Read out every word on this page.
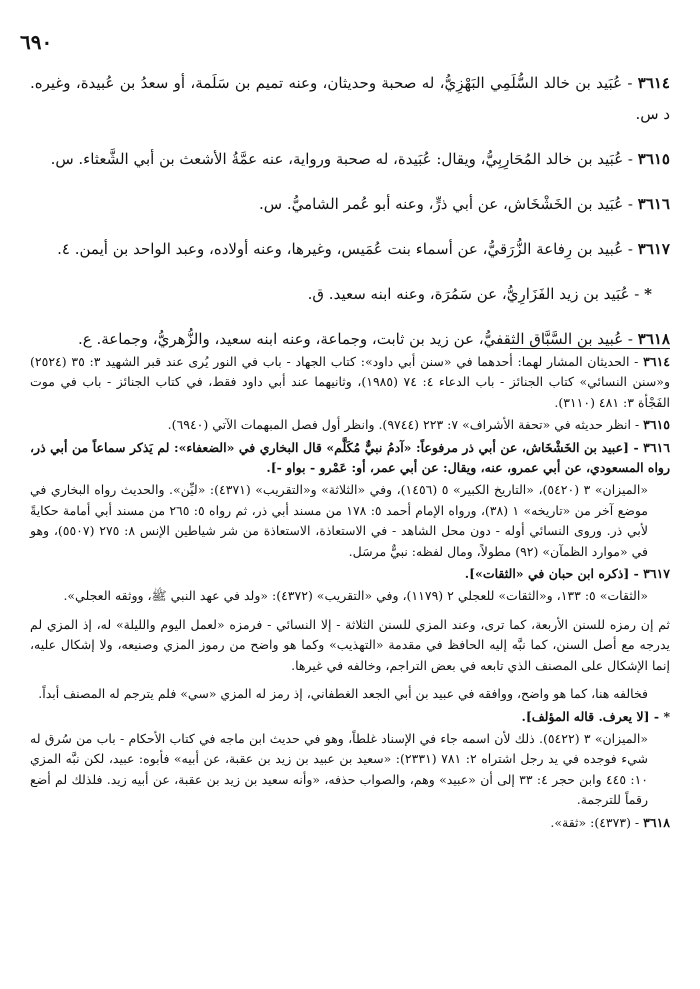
٦٩٠

٣٦١٤ - عُبَيد بن خالد السُّلَمِي البَهْزِيُّ، له صحبة وحديثان، وعنه تميم بن سَلَمة، أو سعدُ بن عُبيدة، وغيره. د س.

٣٦١٥ - عُبَيد بن خالد المُحَارِبِيُّ، ويقال: عُبَيدة، له صحبة ورواية، عنه عمَّةُ الأشعث بن أبي الشَّعثاء. س.

٣٦١٦ - عُبَيد بن الخَشْخَاش، عن أبي ذرٍّ، وعنه أبو عُمر الشاميُّ. س.

٣٦١٧ - عُبيد بن رِفاعة الزُّرَقيُّ، عن أسماء بنت عُمَيس، وغيرها، وعنه أولاده، وعبد الواحد بن أيمن. ٤.

* - عُبَيد بن زيد الفَزَارِيُّ، عن سَمُرَة، وعنه ابنه سعيد. ق.

٣٦١٨ - عُبيد بن السَّبَّاق الثقفيُّ، عن زيد بن ثابت، وجماعة، وعنه ابنه سعيد، والزُّهريُّ، وجماعة. ع.

٣٦١٤ - الحديثان المشار لهما: أحدهما في «سنن أبي داود»: كتاب الجهاد - باب في النور يُرى عند قبر الشهيد ٣: ٣٥ (٢٥٢٤) و«سنن النسائي» كتاب الجنائز - باب الدعاء ٤: ٧٤ (١٩٨٥)، وثانيهما عند أبي داود فقط، في كتاب الجنائز - باب في موت الفَجْأة ٣: ٤٨١ (٣١١٠).

٣٦١٥ - انظر حديثه في «تحفة الأشراف» ٧: ٢٢٣ (٩٧٤٤). وانظر أول فصل المبهمات الآتي (٦٩٤٠).

٣٦١٦ - [عبيد بن الخَشْخَاش، عن أبي ذر مرفوعاً: «آدمُ نبيٌّ مُكَلَّم» قال البخاري في «الضعفاء»: لم يَذكر سماعاً من أبي ذر، رواه المسعودي، عن أبي عمرو، عنه، ويقال: عن أبي عمر، أو: عَمْرو - بواو -].

«الميزان» ٣ (٥٤٢٠)، «التاريخ الكبير» ٥ (١٤٥٦)، وفي «الثلاثة» و«التقريب» (٤٣٧١): «ليِّن». والحديث رواه البخاري في موضع آخر من «تاريخه» ١ (٣٨)، ورواه الإمام أحمد ٥: ١٧٨ من مسند أبي ذر، ثم رواه ٥: ٢٦٥ من مسند أبي أمامة حكايةً لأبي ذر. وروى النسائي أوله - دون محل الشاهد - في الاستعاذة، الاستعاذة من شر شياطين الإنس ٨: ٢٧٥ (٥٥٠٧)، وهو في «موارد الظمآن» (٩٢) مطولاً، ومال لفظه: نبيٌّ مرسَل.

٣٦١٧ - [ذكره ابن حبان في «الثقات»].

«الثقات» ٥: ١٣٣، و«الثقات» للعجلي ٢ (١١٧٩)، وفي «التقريب» (٤٣٧٢): «ولد في عهد النبي ﷺ، ووثقه العجلي».

ثم إن رمزه للسنن الأربعة، كما ترى، وعند المزي للسنن الثلاثة - إلا النسائي - فرمزه «لعمل اليوم والليلة» له، إذ المزي لم يدرجه مع أصل السنن، كما نبَّه إليه الحافظ في مقدمة «التهذيب» وكما هو واضح من رموز المزي وصنيعه، ولا إشكال عليه، إنما الإشكال على المصنف الذي تابعه في بعض التراجم، وخالفه في غيرها.

فخالفه هنا، كما هو واضح، ووافقه في عبيد بن أبي الجعد الغطفاني، إذ رمز له المزي «سي» فلم يترجم له المصنف أبداً.

* - [لا يعرف. قاله المؤلف].

«الميزان» ٣ (٥٤٢٢). ذلك لأن اسمه جاء في الإسناد غلطاً، وهو في حديث ابن ماجه في كتاب الأحكام - باب من سُرق له شيء فوجده في يد رجل اشتراه ٢: ٧٨١ (٢٣٣١): «سعيد بن عبيد بن زيد بن عقبة، عن أبيه» فأبوه: عبيد، لكن نبَّه المزي ١٠: ٤٤٥ وابن حجر ٤: ٣٣ إلى أن «عبيد» وهم، والصواب حذفه، «وأنه سعيد بن زيد بن عقبة، عن أبيه زيد. فلذلك لم أضع رقماً للترجمة.

٣٦١٨ - (٤٣٧٣): «ثقة».
